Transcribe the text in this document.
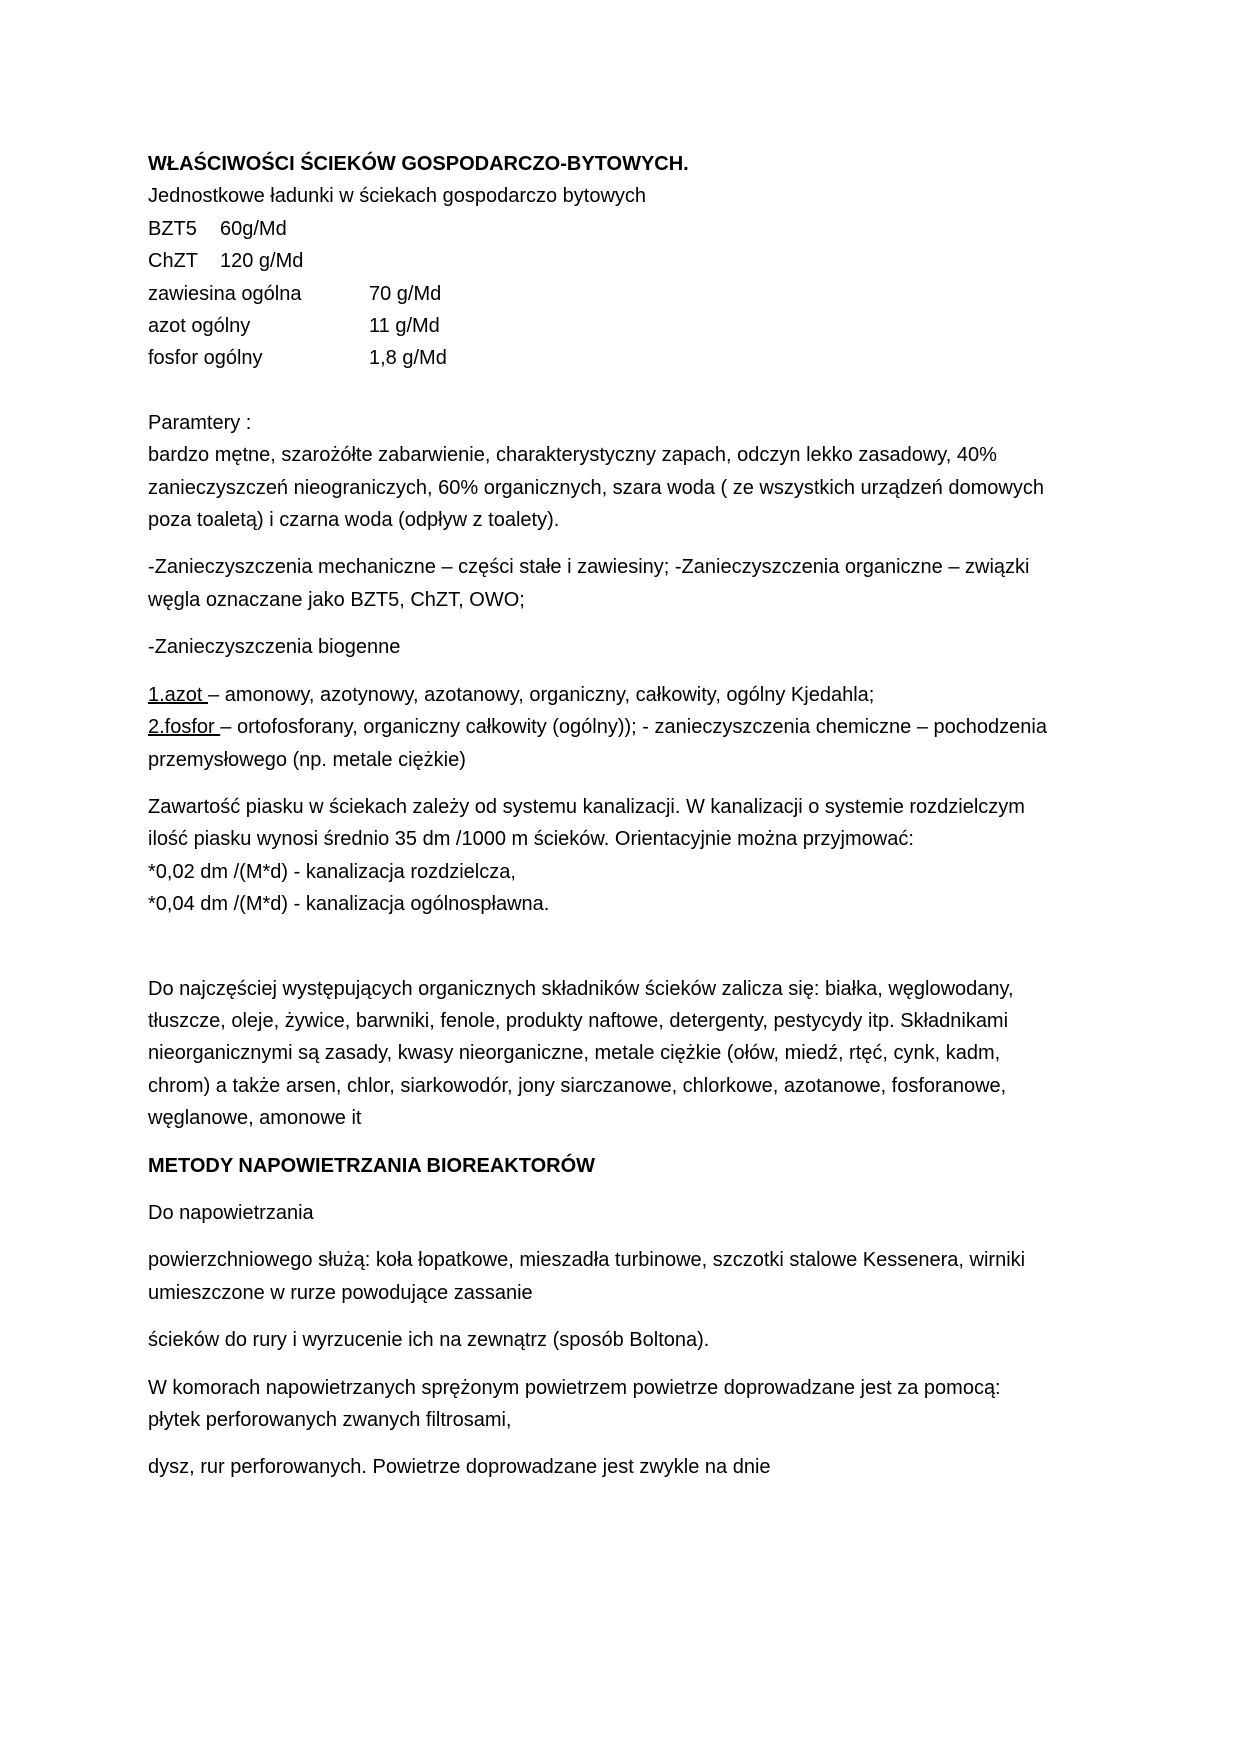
WŁAŚCIWOŚCI ŚCIEKÓW GOSPODARCZO-BYTOWYCH.
Jednostkowe ładunki w ściekach gospodarczo bytowych
BZT5	60g/Md
ChZT	120 g/Md
zawiesina ogólna	70 g/Md
azot ogólny	11 g/Md
fosfor ogólny	1,8 g/Md
Paramtery :
bardzo mętne, szarożółte zabarwienie, charakterystyczny zapach, odczyn lekko zasadowy, 40%
zanieczyszczeń nieograniczych, 60% organicznych, szara woda ( ze wszystkich urządzeń domowych
poza toaletą) i czarna woda (odpływ z toalety).
-Zanieczyszczenia mechaniczne – części stałe i zawiesiny; -Zanieczyszczenia organiczne – związki
węgla oznaczane jako BZT5, ChZT, OWO;
-Zanieczyszczenia biogenne
1.azot – amonowy, azotynowy, azotanowy, organiczny, całkowity, ogólny Kjedahla;
2.fosfor – ortofosforany, organiczny całkowity (ogólny)); - zanieczyszczenia chemiczne – pochodzenia
przemysłowego (np. metale ciężkie)
Zawartość piasku w ściekach zależy od systemu kanalizacji. W kanalizacji o systemie rozdzielczym
ilość piasku wynosi średnio 35 dm /1000 m ścieków. Orientacyjnie można przyjmować:
*0,02 dm /(M*d) - kanalizacja rozdzielcza,
*0,04 dm /(M*d) - kanalizacja ogólnospławna.
Do najczęściej występujących organicznych składników ścieków zalicza się: białka, węglowodany,
tłuszcze, oleje, żywice, barwniki, fenole, produkty naftowe, detergenty, pestycydy itp. Składnikami
nieorganicznymi są zasady, kwasy nieorganiczne, metale ciężkie (ołów, miedź, rtęć, cynk, kadm,
chrom) a także arsen, chlor, siarkowodór, jony siarczanowe, chlorkowe, azotanowe, fosforanowe,
węglanowe, amonowe it
METODY NAPOWIETRZANIA BIOREAKTORÓW
Do napowietrzania
powierzchniowego służą: koła łopatkowe, mieszadła turbinowe, szczotki stalowe Kessenera, wirniki
umieszczone w rurze powodujące zassanie
ścieków do rury i wyrzucenie ich na zewnątrz (sposób Boltona).
W komorach napowietrzanych sprężonym powietrzem powietrze doprowadzane jest za pomocą:
płytek perforowanych zwanych filtrosami,
dysz, rur perforowanych. Powietrze doprowadzane jest zwykle na dnie
